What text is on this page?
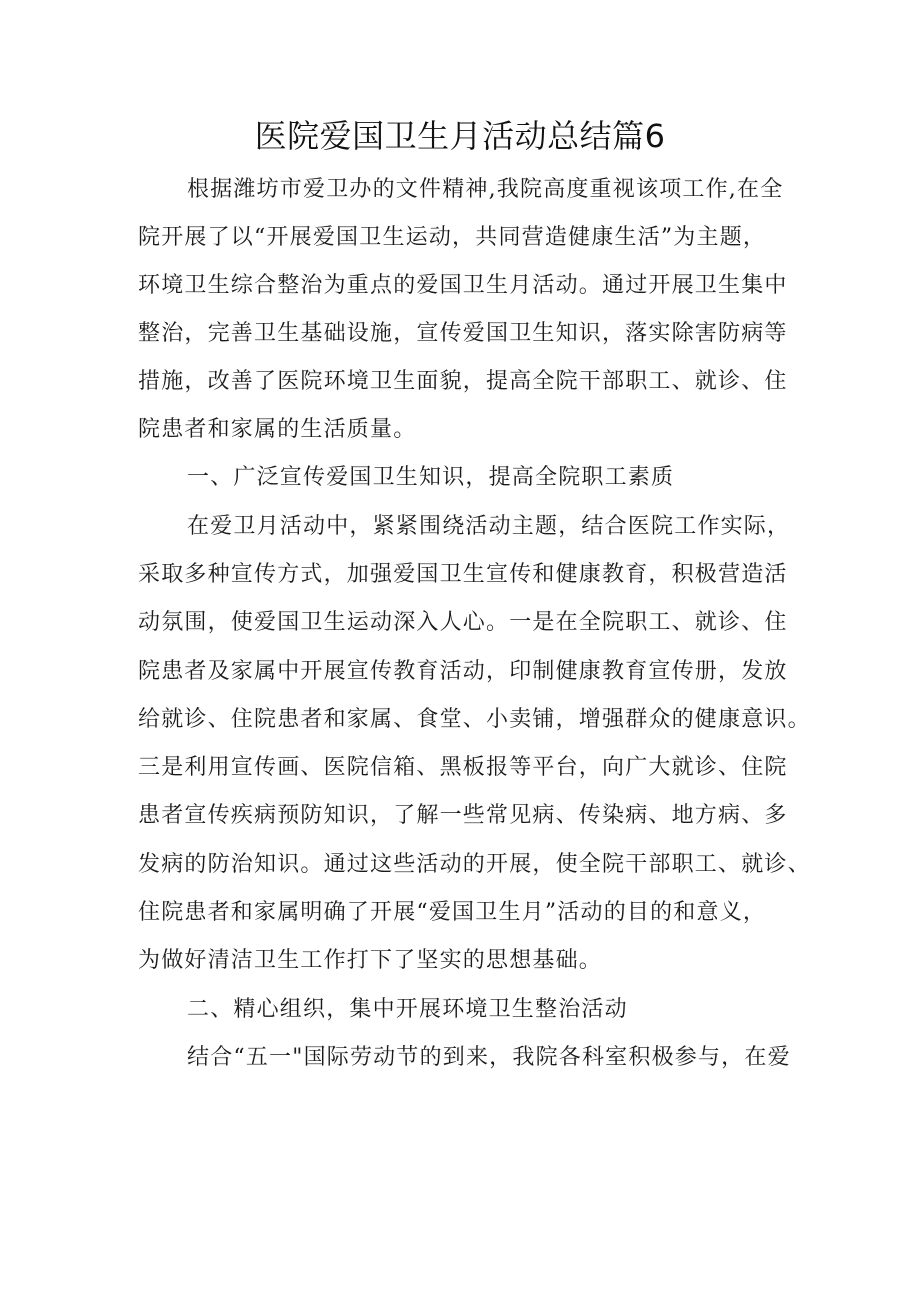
医院爱国卫生月活动总结篇6
根据潍坊市爱卫办的文件精神,我院高度重视该项工作,在全
院开展了以“开展爱国卫生运动，共同营造健康生活”为主题，
环境卫生综合整治为重点的爱国卫生月活动。通过开展卫生集中
整治，完善卫生基础设施，宣传爱国卫生知识，落实除害防病等
措施，改善了医院环境卫生面貌，提高全院干部职工、就诊、住
院患者和家属的生活质量。
一、广泛宣传爱国卫生知识，提高全院职工素质
在爱卫月活动中，紧紧围绕活动主题，结合医院工作实际，
采取多种宣传方式，加强爱国卫生宣传和健康教育，积极营造活
动氛围，使爱国卫生运动深入人心。一是在全院职工、就诊、住
院患者及家属中开展宣传教育活动，印制健康教育宣传册，发放
给就诊、住院患者和家属、食堂、小卖铺，增强群众的健康意识。
三是利用宣传画、医院信箱、黑板报等平台，向广大就诊、住院
患者宣传疾病预防知识，了解一些常见病、传染病、地方病、多
发病的防治知识。通过这些活动的开展，使全院干部职工、就诊、
住院患者和家属明确了开展“爱国卫生月”活动的目的和意义，
为做好清洁卫生工作打下了坚实的思想基础。
二、精心组织，集中开展环境卫生整治活动
结合“五一"国际劳动节的到来，我院各科室积极参与，在爱
